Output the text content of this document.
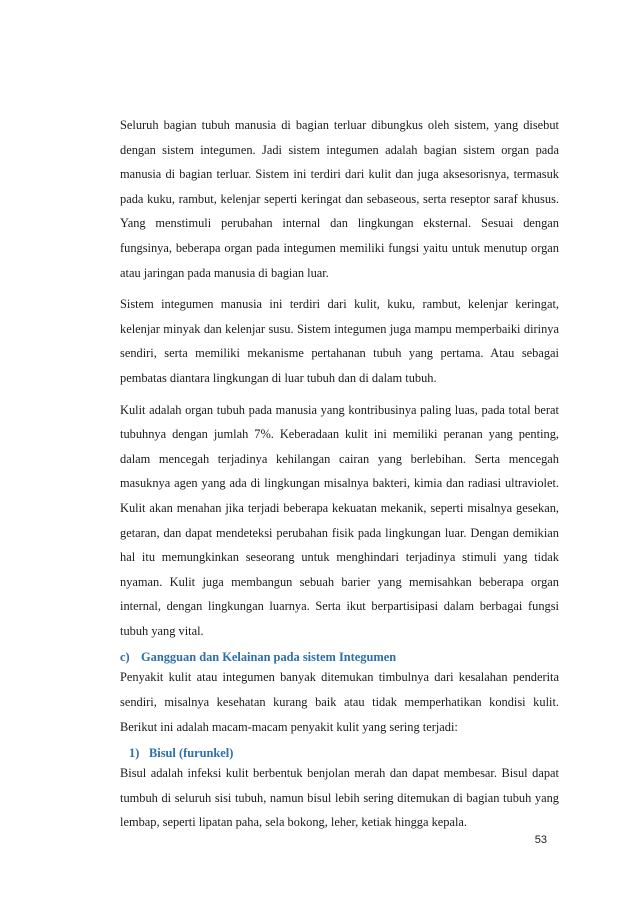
Seluruh bagian tubuh manusia di bagian terluar dibungkus oleh sistem, yang disebut dengan sistem integumen. Jadi sistem integumen adalah bagian sistem organ pada manusia di bagian terluar. Sistem ini terdiri dari kulit dan juga aksesorisnya, termasuk pada kuku, rambut, kelenjar seperti keringat dan sebaseous, serta reseptor saraf khusus. Yang menstimuli perubahan internal dan lingkungan eksternal. Sesuai dengan fungsinya, beberapa organ pada integumen memiliki fungsi yaitu untuk menutup organ atau jaringan pada manusia di bagian luar.

Sistem integumen manusia ini terdiri dari kulit, kuku, rambut, kelenjar keringat, kelenjar minyak dan kelenjar susu. Sistem integumen juga mampu memperbaiki dirinya sendiri, serta memiliki mekanisme pertahanan tubuh yang pertama. Atau sebagai pembatas diantara lingkungan di luar tubuh dan di dalam tubuh.

Kulit adalah organ tubuh pada manusia yang kontribusinya paling luas, pada total berat tubuhnya dengan jumlah 7%. Keberadaan kulit ini memiliki peranan yang penting, dalam mencegah terjadinya kehilangan cairan yang berlebihan. Serta mencegah masuknya agen yang ada di lingkungan misalnya bakteri, kimia dan radiasi ultraviolet. Kulit akan menahan jika terjadi beberapa kekuatan mekanik, seperti misalnya gesekan, getaran, dan dapat mendeteksi perubahan fisik pada lingkungan luar. Dengan demikian hal itu memungkinkan seseorang untuk menghindari terjadinya stimuli yang tidak nyaman. Kulit juga membangun sebuah barier yang memisahkan beberapa organ internal, dengan lingkungan luarnya. Serta ikut berpartisipasi dalam berbagai fungsi tubuh yang vital.

c) Gangguan dan Kelainan pada sistem Integumen

Penyakit kulit atau integumen banyak ditemukan timbulnya dari kesalahan penderita sendiri, misalnya kesehatan kurang baik atau tidak memperhatikan kondisi kulit. Berikut ini adalah macam-macam penyakit kulit yang sering terjadi:

1) Bisul (furunkel)

Bisul adalah infeksi kulit berbentuk benjolan merah dan dapat membesar. Bisul dapat tumbuh di seluruh sisi tubuh, namun bisul lebih sering ditemukan di bagian tubuh yang lembap, seperti lipatan paha, sela bokong, leher, ketiak hingga kepala.

53
